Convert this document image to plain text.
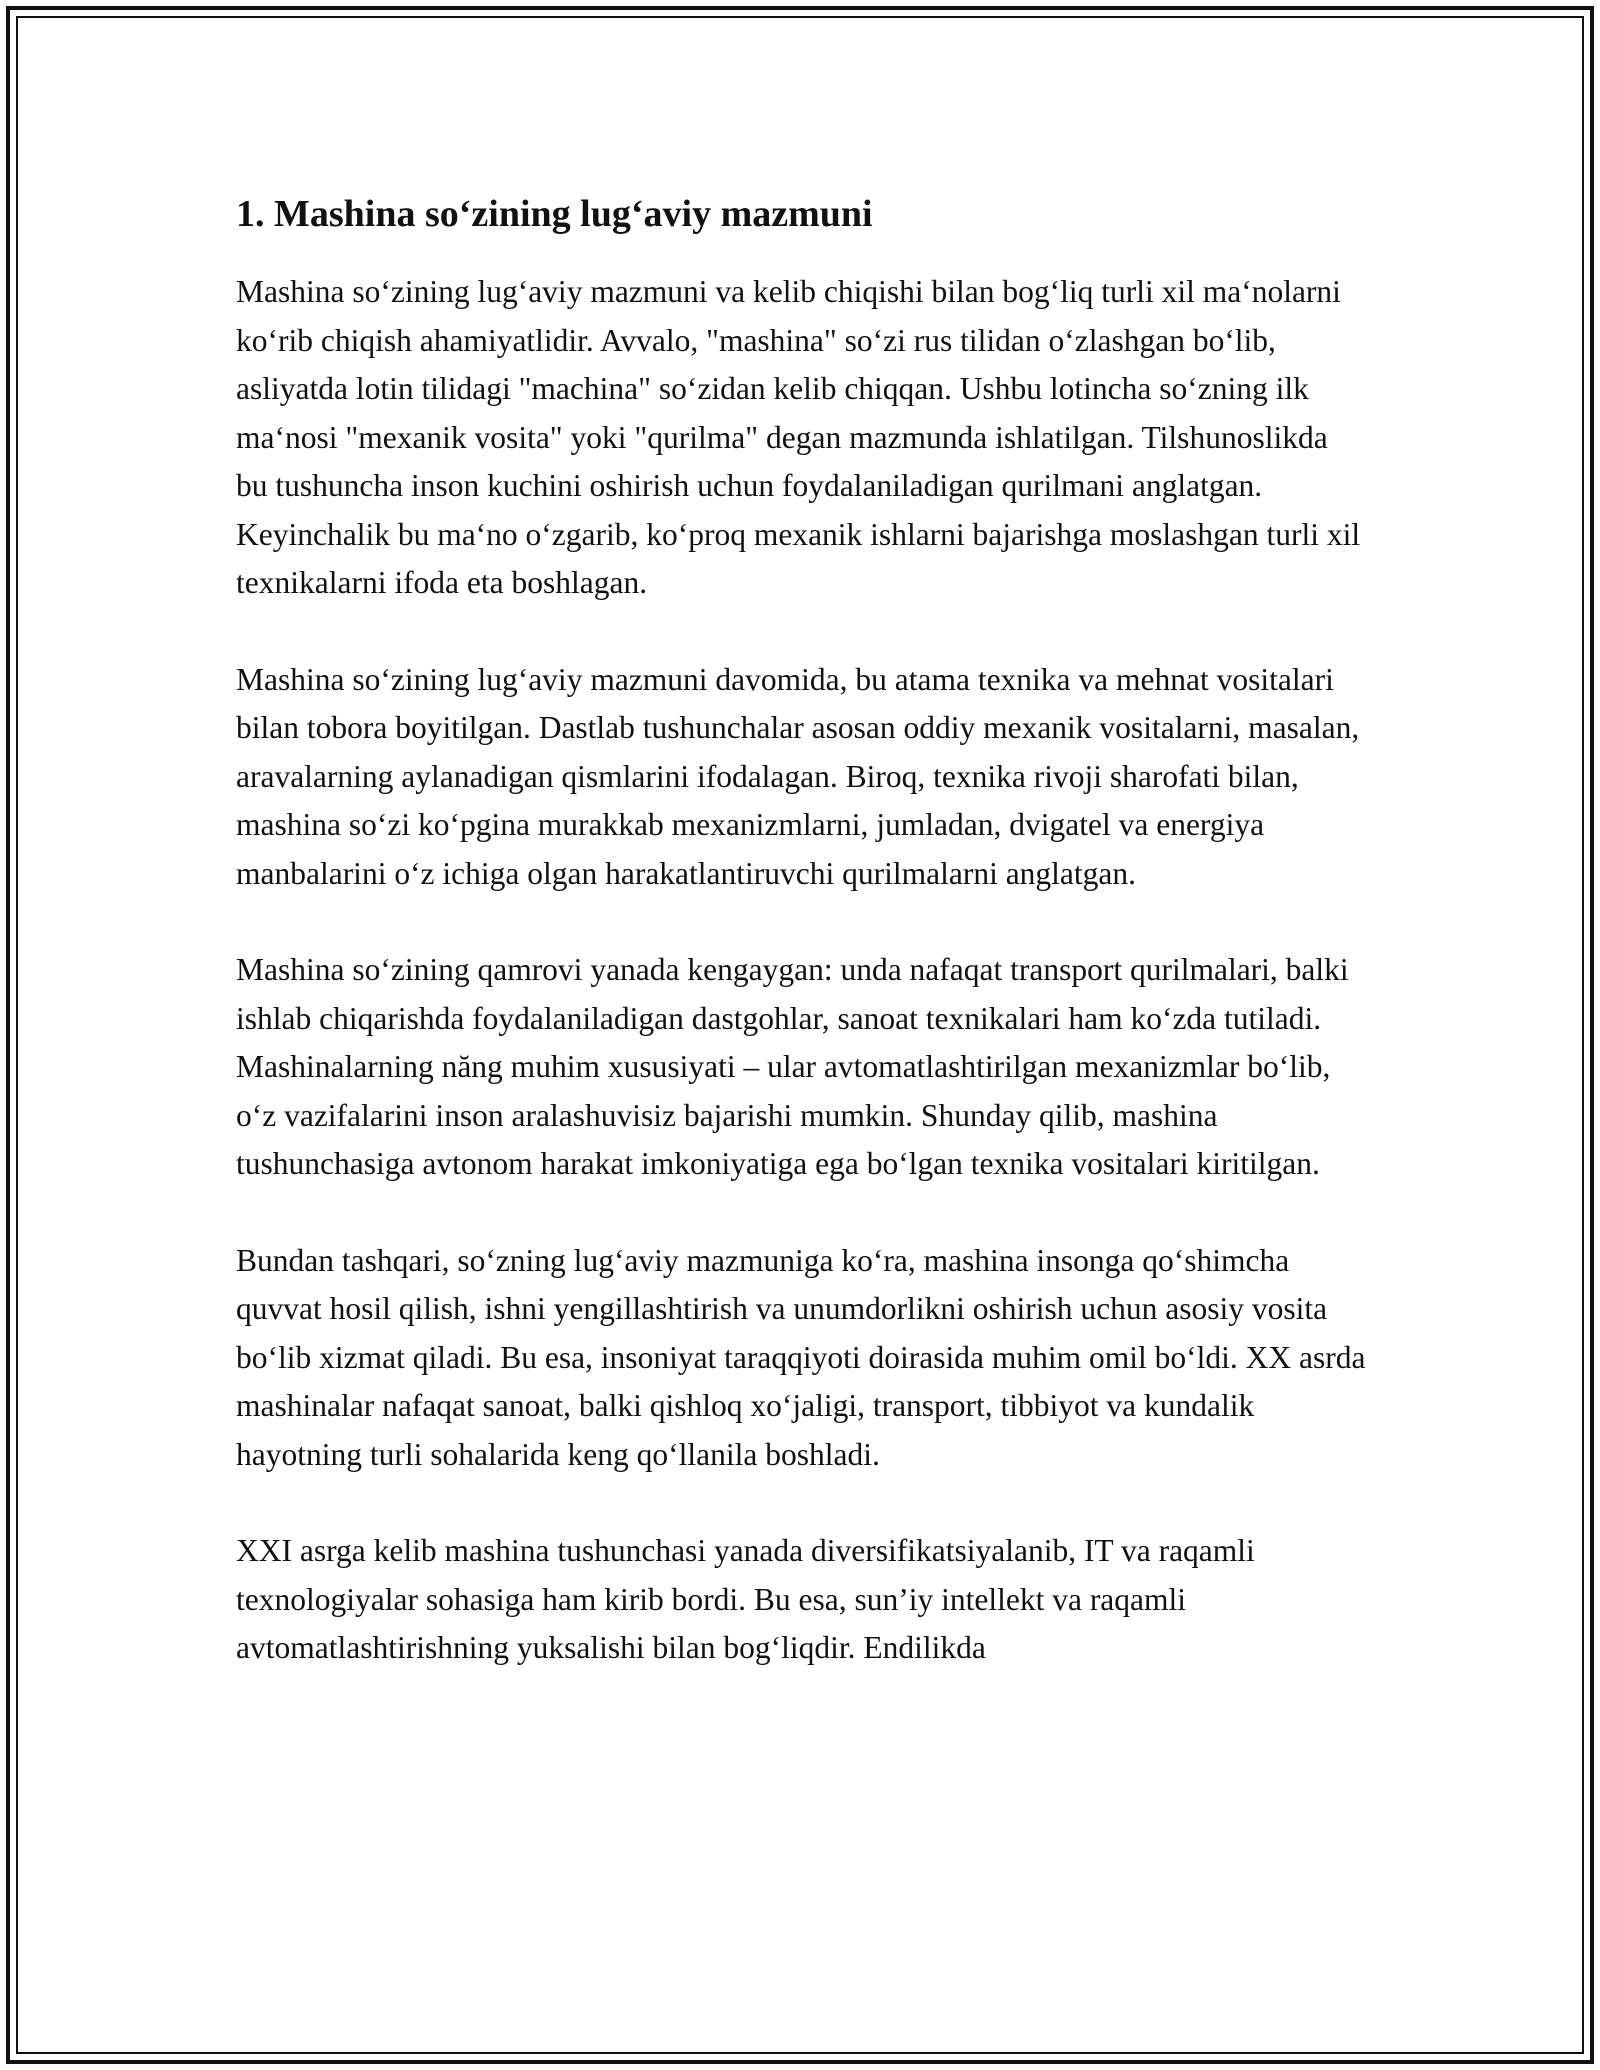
1. Mashina so‘zining lug‘aviy mazmuni

Mashina so‘zining lug‘aviy mazmuni va kelib chiqishi bilan bog‘liq turli xil ma‘nolarni ko‘rib chiqish ahamiyatlidir. Avvalo, "mashina" so‘zi rus tilidan o‘zlashgan bo‘lib, asliyatda lotin tilidagi "machina" so‘zidan kelib chiqqan. Ushbu lotincha so‘zning ilk ma‘nosi "mexanik vosita" yoki "qurilma" degan mazmunda ishlatilgan. Tilshunoslikda bu tushuncha inson kuchini oshirish uchun foydalaniladigan qurilmani anglatgan. Keyinchalik bu ma‘no o‘zgarib, ko‘proq mexanik ishlarni bajarishga moslashgan turli xil texnikalarni ifoda eta boshlagan.

Mashina so‘zining lug‘aviy mazmuni davomida, bu atama texnika va mehnat vositalari bilan tobora boyitilgan. Dastlab tushunchalar asosan oddiy mexanik vositalarni, masalan, aravalarning aylanadigan qismlarini ifodalagan. Biroq, texnika rivoji sharofati bilan, mashina so‘zi ko‘pgina murakkab mexanizmlarni, jumladan, dvigatel va energiya manbalarini o‘z ichiga olgan harakatlantiruvchi qurilmalarni anglatgan.

Mashina so‘zining qamrovi yanada kengaygan: unda nafaqat transport qurilmalari, balki ishlab chiqarishda foydalaniladigan dastgohlar, sanoat texnikalari ham ko‘zda tutiladi. Mashinalarning năng muhim xususiyati – ular avtomatlashtirilgan mexanizmlar bo‘lib, o‘z vazifalarini inson aralashuvisiz bajarishi mumkin. Shunday qilib, mashina tushunchasiga avtonom harakat imkoniyatiga ega bo‘lgan texnika vositalari kiritilgan.

Bundan tashqari, so‘zning lug‘aviy mazmuniga ko‘ra, mashina insonga qo‘shimcha quvvat hosil qilish, ishni yengillashtirish va unumdorlikni oshirish uchun asosiy vosita bo‘lib xizmat qiladi. Bu esa, insoniyat taraqqiyoti doirasida muhim omil bo‘ldi. XX asrda mashinalar nafaqat sanoat, balki qishloq xo‘jaligi, transport, tibbiyot va kundalik hayotning turli sohalarida keng qo‘llanila boshladi.

XXI asrga kelib mashina tushunchasi yanada diversifikatsiyalanib, IT va raqamli texnologiyalar sohasiga ham kirib bordi. Bu esa, sun’iy intellekt va raqamli avtomatlashtirishning yuksalishi bilan bog‘liqdir. Endilikda
